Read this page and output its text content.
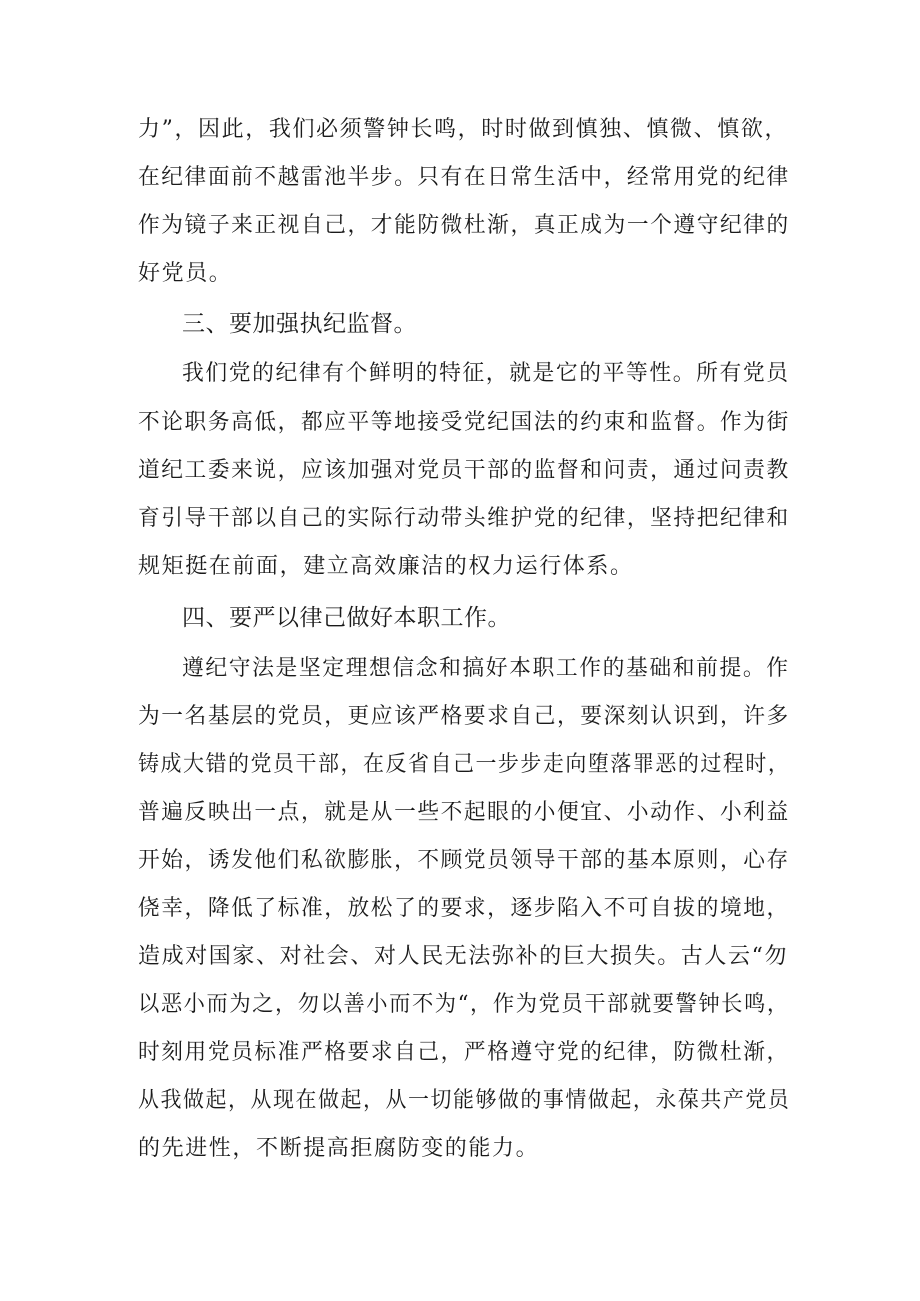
力”，因此，我们必须警钟长鸣，时时做到慎独、慎微、慎欲，

在纪律面前不越雷池半步。只有在日常生活中，经常用党的纪律

作为镜子来正视自己，才能防微杜渐，真正成为一个遵守纪律的

好党员。

三、要加强执纪监督。

我们党的纪律有个鲜明的特征，就是它的平等性。所有党员

不论职务高低，都应平等地接受党纪国法的约束和监督。作为街

道纪工委来说，应该加强对党员干部的监督和问责，通过问责教

育引导干部以自己的实际行动带头维护党的纪律，坚持把纪律和

规矩挺在前面，建立高效廉洁的权力运行体系。

四、要严以律己做好本职工作。

遵纪守法是坚定理想信念和搞好本职工作的基础和前提。作

为一名基层的党员，更应该严格要求自己，要深刻认识到，许多

铸成大错的党员干部，在反省自己一步步走向堕落罪恶的过程时，

普遍反映出一点，就是从一些不起眼的小便宜、小动作、小利益

开始，诱发他们私欲膨胀，不顾党员领导干部的基本原则，心存

侥幸，降低了标准，放松了的要求，逐步陷入不可自拔的境地，

造成对国家、对社会、对人民无法弥补的巨大损失。古人云“勿

以恶小而为之，勿以善小而不为“，作为党员干部就要警钟长鸣，

时刻用党员标准严格要求自己，严格遵守党的纪律，防微杜渐，

从我做起，从现在做起，从一切能够做的事情做起，永葆共产党员

的先进性，不断提高拒腐防变的能力。
